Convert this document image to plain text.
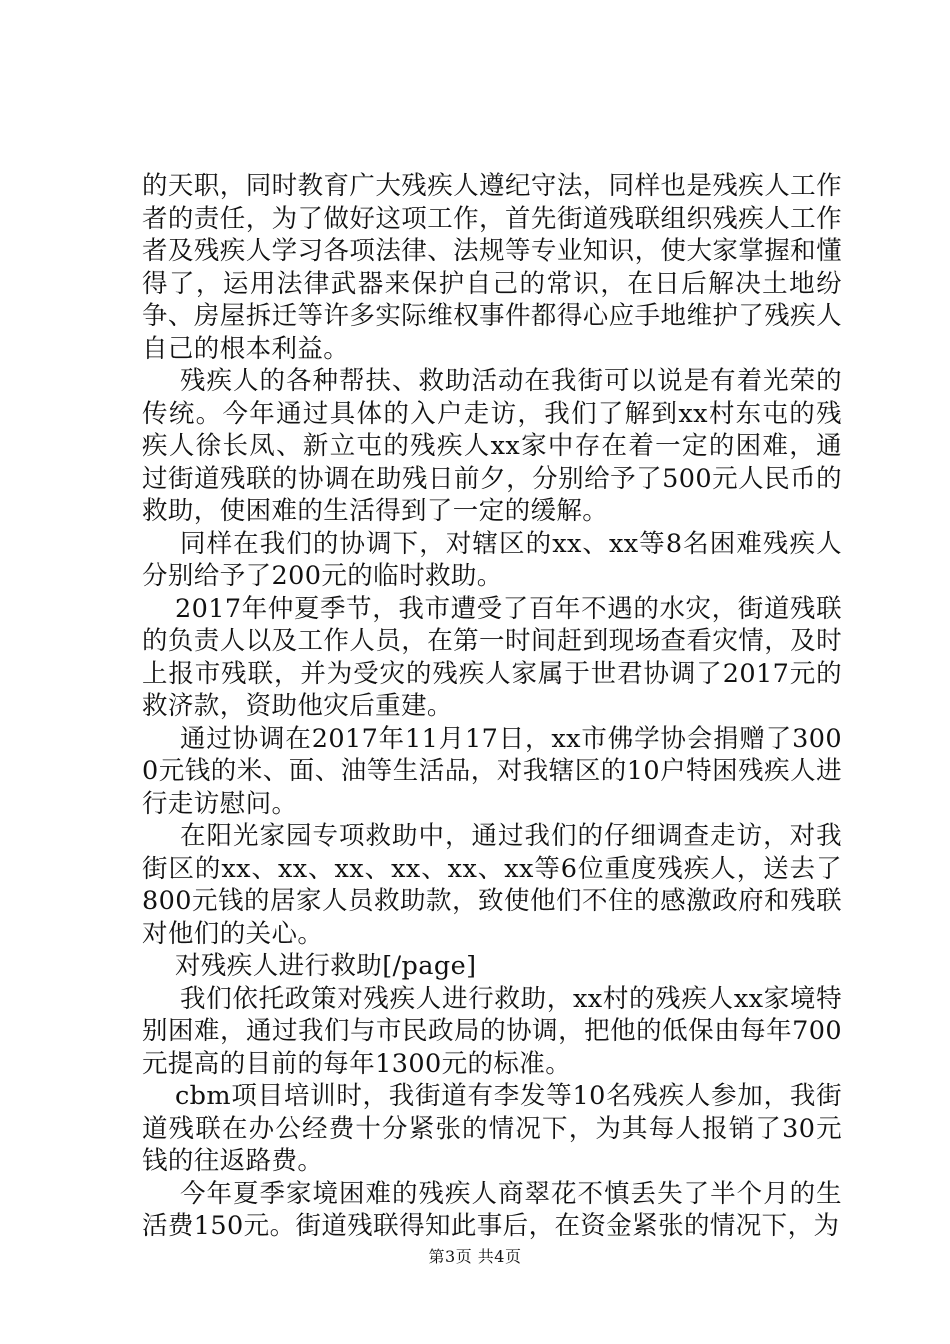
的天职，同时教育广大残疾人遵纪守法，同样也是残疾人工作者的责任，为了做好这项工作，首先街道残联组织残疾人工作者及残疾人学习各项法律、法规等专业知识，使大家掌握和懂得了，运用法律武器来保护自己的常识，在日后解决土地纷争、房屋拆迁等许多实际维权事件都得心应手地维护了残疾人自己的根本利益。

残疾人的各种帮扶、救助活动在我街可以说是有着光荣的传统。今年通过具体的入户走访，我们了解到xx村东屯的残疾人徐长凤、新立屯的残疾人xx家中存在着一定的困难，通过街道残联的协调在助残日前夕，分别给予了500元人民币的救助，使困难的生活得到了一定的缓解。

同样在我们的协调下，对辖区的xx、xx等8名困难残疾人分别给予了200元的临时救助。

2017年仲夏季节，我市遭受了百年不遇的水灾，街道残联的负责人以及工作人员，在第一时间赶到现场查看灾情，及时上报市残联，并为受灾的残疾人家属于世君协调了2017元的救济款，资助他灾后重建。

通过协调在2017年11月17日，xx市佛学协会捐赠了3000元钱的米、面、油等生活品，对我辖区的10户特困残疾人进行走访慰问。

在阳光家园专项救助中，通过我们的仔细调查走访，对我街区的xx、xx、xx、xx、xx、xx等6位重度残疾人，送去了800元钱的居家人员救助款，致使他们不住的感激政府和残联对他们的关心。

对残疾人进行救助[/page]

我们依托政策对残疾人进行救助，xx村的残疾人xx家境特别困难，通过我们与市民政局的协调，把他的低保由每年700元提高的目前的每年1300元的标准。

cbm项目培训时，我街道有李发等10名残疾人参加，我街道残联在办公经费十分紧张的情况下，为其每人报销了30元钱的往返路费。

今年夏季家境困难的残疾人商翠花不慎丢失了半个月的生活费150元。街道残联得知此事后，在资金紧张的情况下，为

第3页 共4页
